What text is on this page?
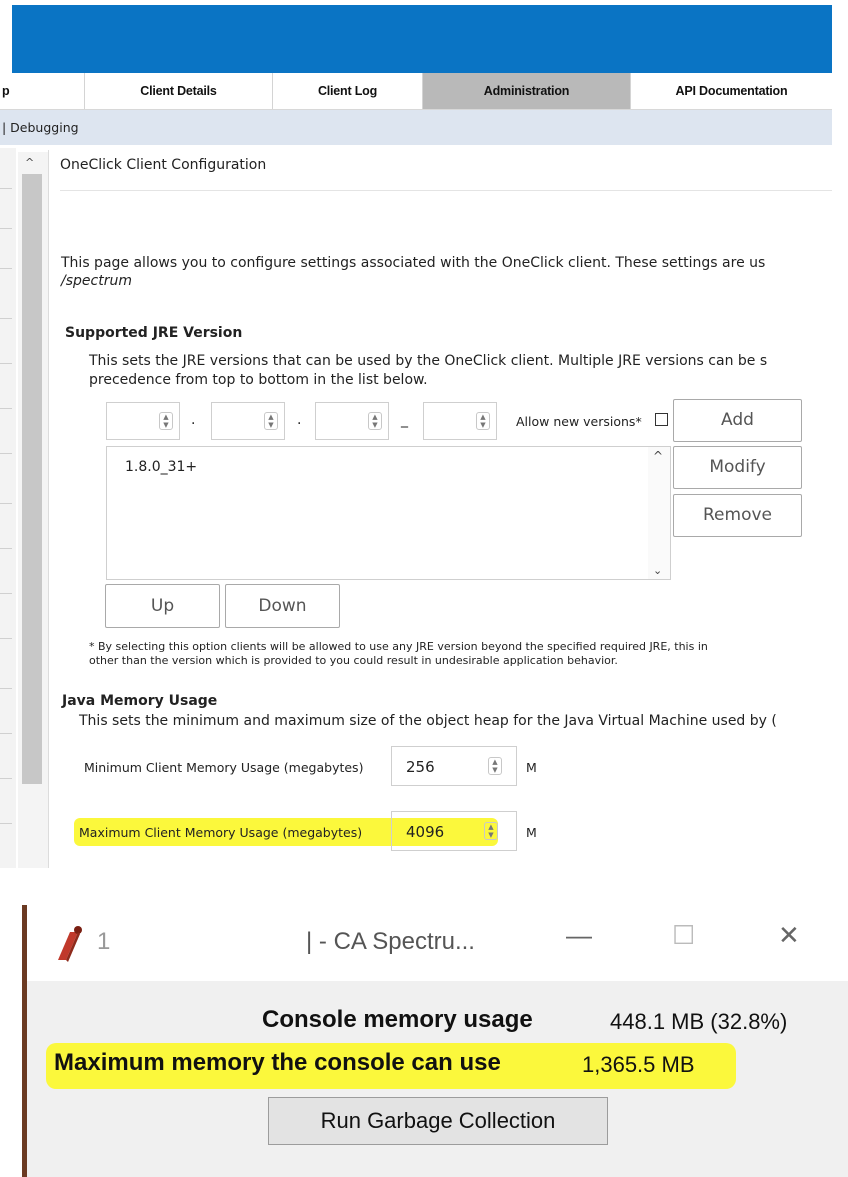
p	Client Details	Client Log	Administration	API Documentation
| Debugging
^ OneClick Client Configuration
This page allows you to configure settings associated with the OneClick client. These settings are us
/spectrum
Supported JRE Version
This sets the JRE versions that can be used by the OneClick client. Multiple JRE versions can be s
precedence from top to bottom in the list below.
▲
▼	.	▲
▼	.	▲
▼	_	▲
▼	Allow new versions*	Add
Modify
Remove
1.8.0_31+
^
⌄
Up	Down
* By selecting this option clients will be allowed to use any JRE version beyond the specified required JRE, this in
other than the version which is provided to you could result in undesirable application behavior.
Java Memory Usage
This sets the minimum and maximum size of the object heap for the Java Virtual Machine used by (
Minimum Client Memory Usage (megabytes)	256	▲
▼	M
Maximum Client Memory Usage (megabytes)	4096	▲
▼	M
1	| - CA Spectru...	—	☐	✕
Console memory usage	448.1 MB (32.8%)
Maximum memory the console can use	1,365.5 MB
Run Garbage Collection
